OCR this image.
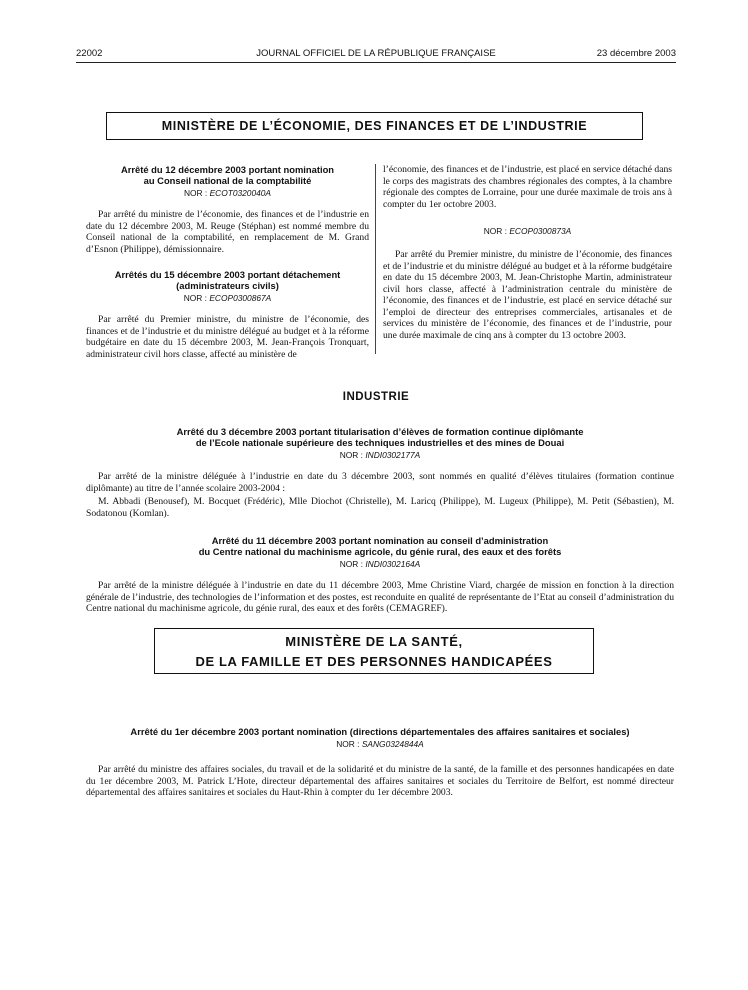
22002	JOURNAL OFFICIEL DE LA RÉPUBLIQUE FRANÇAISE	23 décembre 2003
MINISTÈRE DE L’ÉCONOMIE, DES FINANCES ET DE L’INDUSTRIE
Arrêté du 12 décembre 2003 portant nomination
au Conseil national de la comptabilité
NOR : ECOT0320040A

Par arrêté du ministre de l’économie, des finances et de l’industrie en date du 12 décembre 2003, M. Reuge (Stéphan) est nommé membre du Conseil national de la comptabilité, en remplacement de M. Grand d’Esnon (Philippe), démissionnaire.

Arrêtés du 15 décembre 2003 portant détachement
(administrateurs civils)
NOR : ECOP0300867A

Par arrêté du Premier ministre, du ministre de l’économie, des finances et de l’industrie et du ministre délégué au budget et à la réforme budgétaire en date du 15 décembre 2003, M. Jean-François Tronquart, administrateur civil hors classe, affecté au ministère de

l’économie, des finances et de l’industrie, est placé en service détaché dans le corps des magistrats des chambres régionales des comptes, à la chambre régionale des comptes de Lorraine, pour une durée maximale de trois ans à compter du 1er octobre 2003.

NOR : ECOP0300873A

Par arrêté du Premier ministre, du ministre de l’économie, des finances et de l’industrie et du ministre délégué au budget et à la réforme budgétaire en date du 15 décembre 2003, M. Jean-Christophe Martin, administrateur civil hors classe, affecté à l’administration centrale du ministère de l’économie, des finances et de l’industrie, est placé en service détaché sur l’emploi de directeur des entreprises commerciales, artisanales et de services du ministère de l’économie, des finances et de l’industrie, pour une durée maximale de cinq ans à compter du 13 octobre 2003.

INDUSTRIE
Arrêté du 3 décembre 2003 portant titularisation d’élèves de formation continue diplômante
de l’Ecole nationale supérieure des techniques industrielles et des mines de Douai
NOR : INDI0302177A

Par arrêté de la ministre déléguée à l’industrie en date du 3 décembre 2003, sont nommés en qualité d’élèves titulaires (formation continue diplômante) au titre de l’année scolaire 2003-2004 :

M. Abbadi (Benousef), M. Bocquet (Frédéric), Mlle Diochot (Christelle), M. Laricq (Philippe), M. Lugeux (Philippe), M. Petit (Sébastien), M. Sodatonou (Komlan).

Arrêté du 11 décembre 2003 portant nomination au conseil d’administration
du Centre national du machinisme agricole, du génie rural, des eaux et des forêts
NOR : INDI0302164A

Par arrêté de la ministre déléguée à l’industrie en date du 11 décembre 2003, Mme Christine Viard, chargée de mission en fonction à la direction générale de l’industrie, des technologies de l’information et des postes, est reconduite en qualité de représentante de l’Etat au conseil d’administration du Centre national du machinisme agricole, du génie rural, des eaux et des forêts (CEMAGREF).

MINISTÈRE DE LA SANTÉ,
DE LA FAMILLE ET DES PERSONNES HANDICAPÉES
Arrêté du 1er décembre 2003 portant nomination (directions départementales des affaires sanitaires et sociales)
NOR : SANG0324844A

Par arrêté du ministre des affaires sociales, du travail et de la solidarité et du ministre de la santé, de la famille et des personnes handicapées en date du 1er décembre 2003, M. Patrick L’Hote, directeur départemental des affaires sanitaires et sociales du Territoire de Belfort, est nommé directeur départemental des affaires sanitaires et sociales du Haut-Rhin à compter du 1er décembre 2003.
